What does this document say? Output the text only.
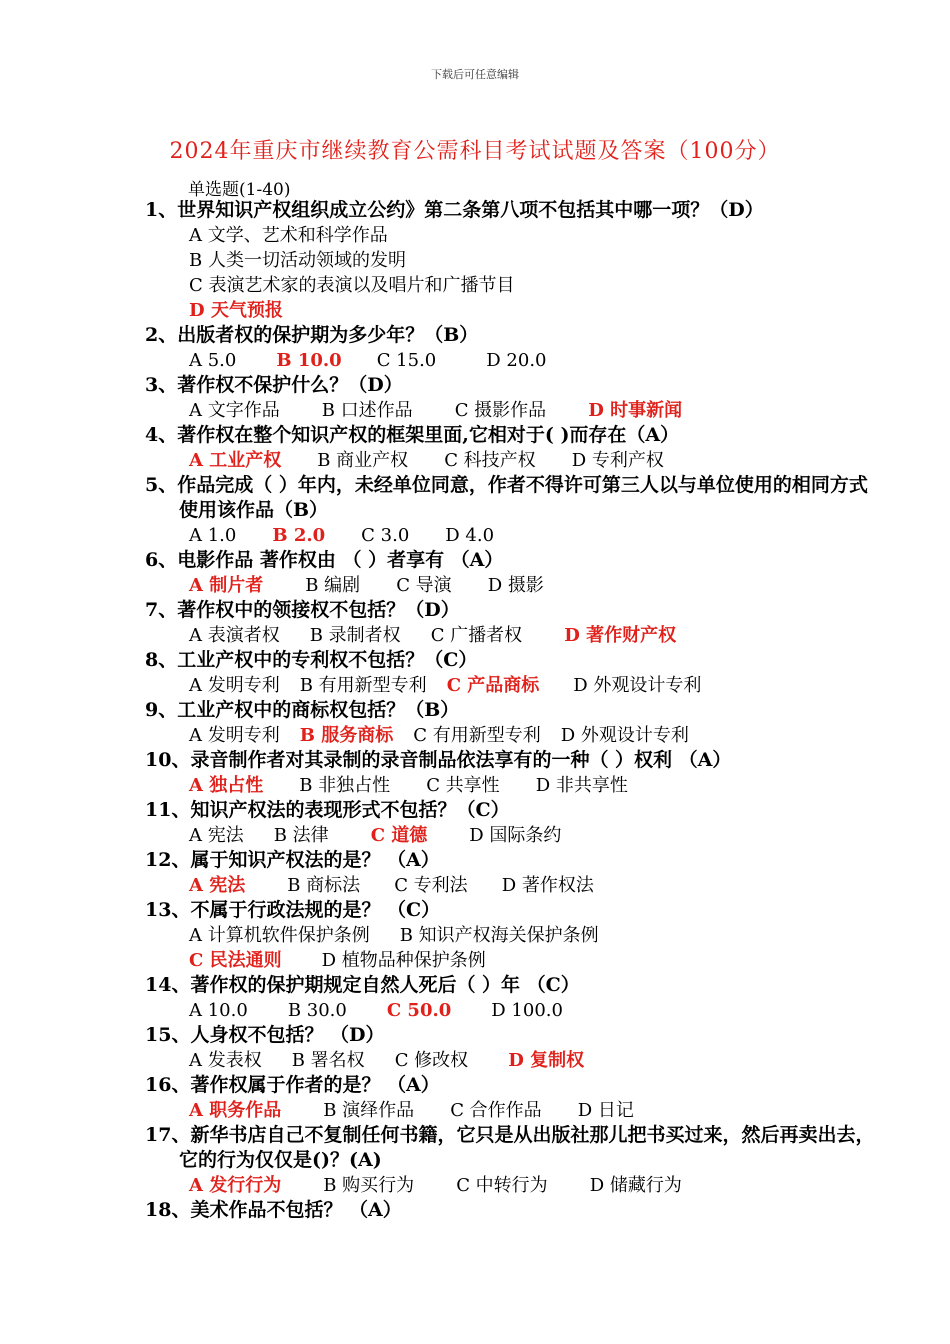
下载后可任意编辑
2024年重庆市继续教育公需科目考试试题及答案（100分）
单选题(1-40)
1、世界知识产权组织成立公约》第二条第八项不包括其中哪一项？（D）
A 文学、艺术和科学作品
B 人类一切活动领域的发明
C 表演艺术家的表演以及唱片和广播节目
D 天气预报
2、出版者权的保护期为多少年？（B）
A 5.0 B 10.0 C 15.0	D 20.0
3、著作权不保护什么？（D）
A 文字作品 B 口述作品 C 摄影作品 D 时事新闻
4、著作权在整个知识产权的框架里面,它相对于( )而存在（A）
A 工业产权 B 商业产权 C 科技产权 D 专利产权
5、作品完成（ ）年内，未经单位同意，作者不得许可第三人以与单位使用的相同方式使用该作品（B）
A 1.0 B 2.0 C 3.0 D 4.0
6、电影作品 著作权由 （ ）者享有 （A）
A 制片者 B 编剧 C 导演 D 摄影
7、著作权中的领接权不包括？（D）
A 表演者权 B 录制者权 C 广播者权 D 著作财产权
8、工业产权中的专利权不包括？（C）
A 发明专利 B 有用新型专利 C 产品商标 D 外观设计专利
9、工业产权中的商标权包括？（B）
A 发明专利 B 服务商标 C 有用新型专利 D 外观设计专利
10、录音制作者对其录制的录音制品依法享有的一种（ ）权利 （A）
A 独占性 B 非独占性 C 共享性 D 非共享性
11、知识产权法的表现形式不包括？（C）
A 宪法 B 法律 C 道德 D 国际条约
12、属于知识产权法的是？ （A）
A 宪法 B 商标法 C 专利法 D 著作权法
13、不属于行政法规的是？ （C）
A 计算机软件保护条例 B 知识产权海关保护条例
C 民法通则 D 植物品种保护条例
14、著作权的保护期规定自然人死后（ ）年 （C）
A 10.0 B 30.0 C 50.0 D 100.0
15、人身权不包括？ （D）
A 发表权 B 署名权 C 修改权 D 复制权
16、著作权属于作者的是？ （A）
A 职务作品 B 演绎作品 C 合作作品 D 日记
17、新华书店自己不复制任何书籍，它只是从出版社那儿把书买过来，然后再卖出去，它的行为仅仅是()？(A)
A 发行行为 B 购买行为 C 中转行为 D 储藏行为
18、美术作品不包括？ （A）
